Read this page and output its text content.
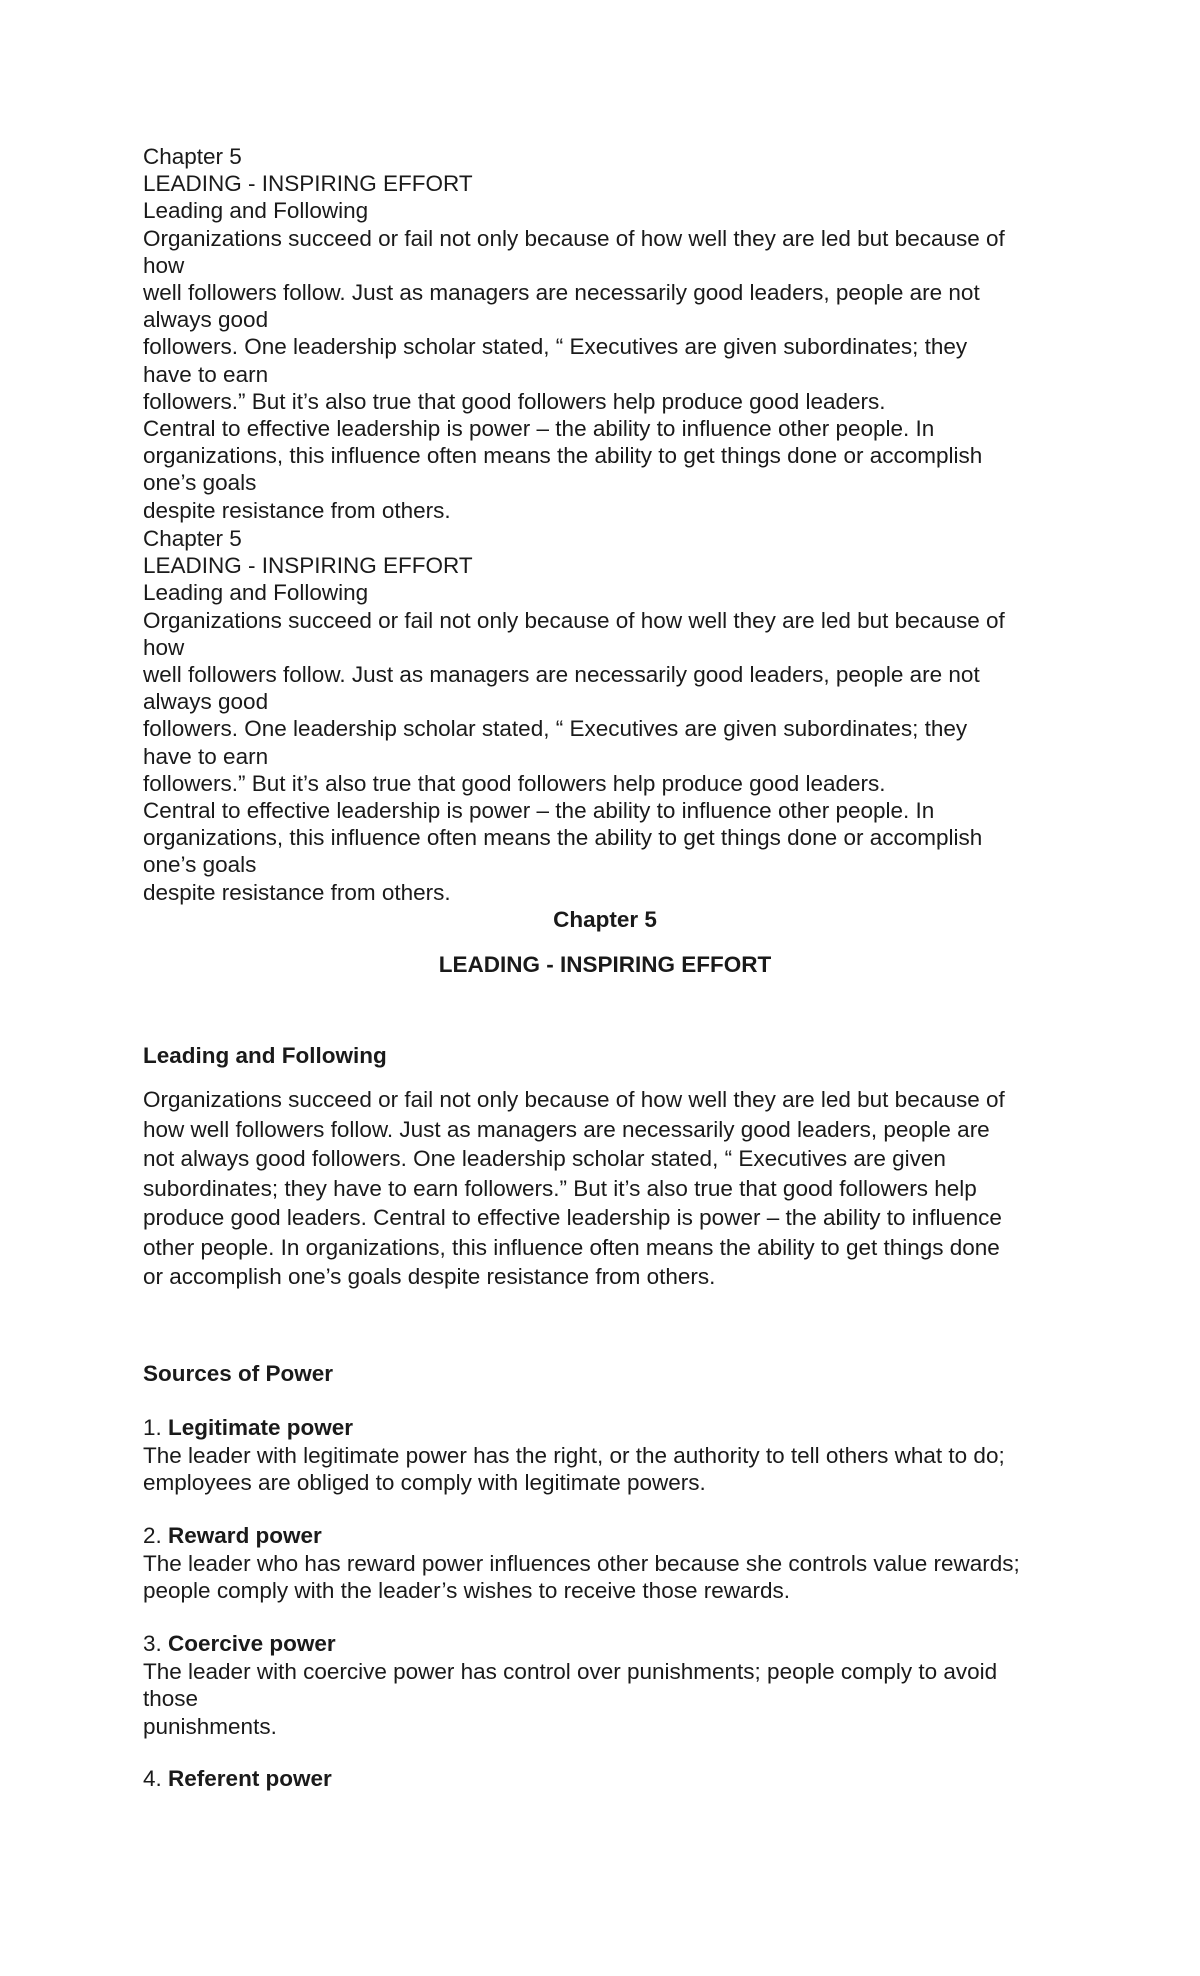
Chapter 5
LEADING - INSPIRING EFFORT
Leading and Following
Organizations succeed or fail not only because of how well they are led but because of
how
well followers follow. Just as managers are necessarily good leaders, people are not
always good
followers. One leadership scholar stated, “ Executives are given subordinates; they
have to earn
followers.” But it’s also true that good followers help produce good leaders.
Central to effective leadership is power – the ability to influence other people. In
organizations, this influence often means the ability to get things done or accomplish
one’s goals
despite resistance from others.
Chapter 5
LEADING - INSPIRING EFFORT
Leading and Following
Organizations succeed or fail not only because of how well they are led but because of
how
well followers follow. Just as managers are necessarily good leaders, people are not
always good
followers. One leadership scholar stated, “ Executives are given subordinates; they
have to earn
followers.” But it’s also true that good followers help produce good leaders.
Central to effective leadership is power – the ability to influence other people. In
organizations, this influence often means the ability to get things done or accomplish
one’s goals
despite resistance from others.
Chapter 5
LEADING - INSPIRING EFFORT
Leading and Following
Organizations succeed or fail not only because of how well they are led but because of
how well followers follow. Just as managers are necessarily good leaders, people are
not always good followers. One leadership scholar stated, “ Executives are given
subordinates; they have to earn followers.” But it’s also true that good followers help
produce good leaders. Central to effective leadership is power – the ability to influence
other people. In organizations, this influence often means the ability to get things done
or accomplish one’s goals despite resistance from others.
Sources of Power
1. Legitimate power
The leader with legitimate power has the right, or the authority to tell others what to do;
employees are obliged to comply with legitimate powers.
2. Reward power
The leader who has reward power influences other because she controls value rewards;
people comply with the leader’s wishes to receive those rewards.
3. Coercive power
The leader with coercive power has control over punishments; people comply to avoid
those
punishments.
4. Referent power
